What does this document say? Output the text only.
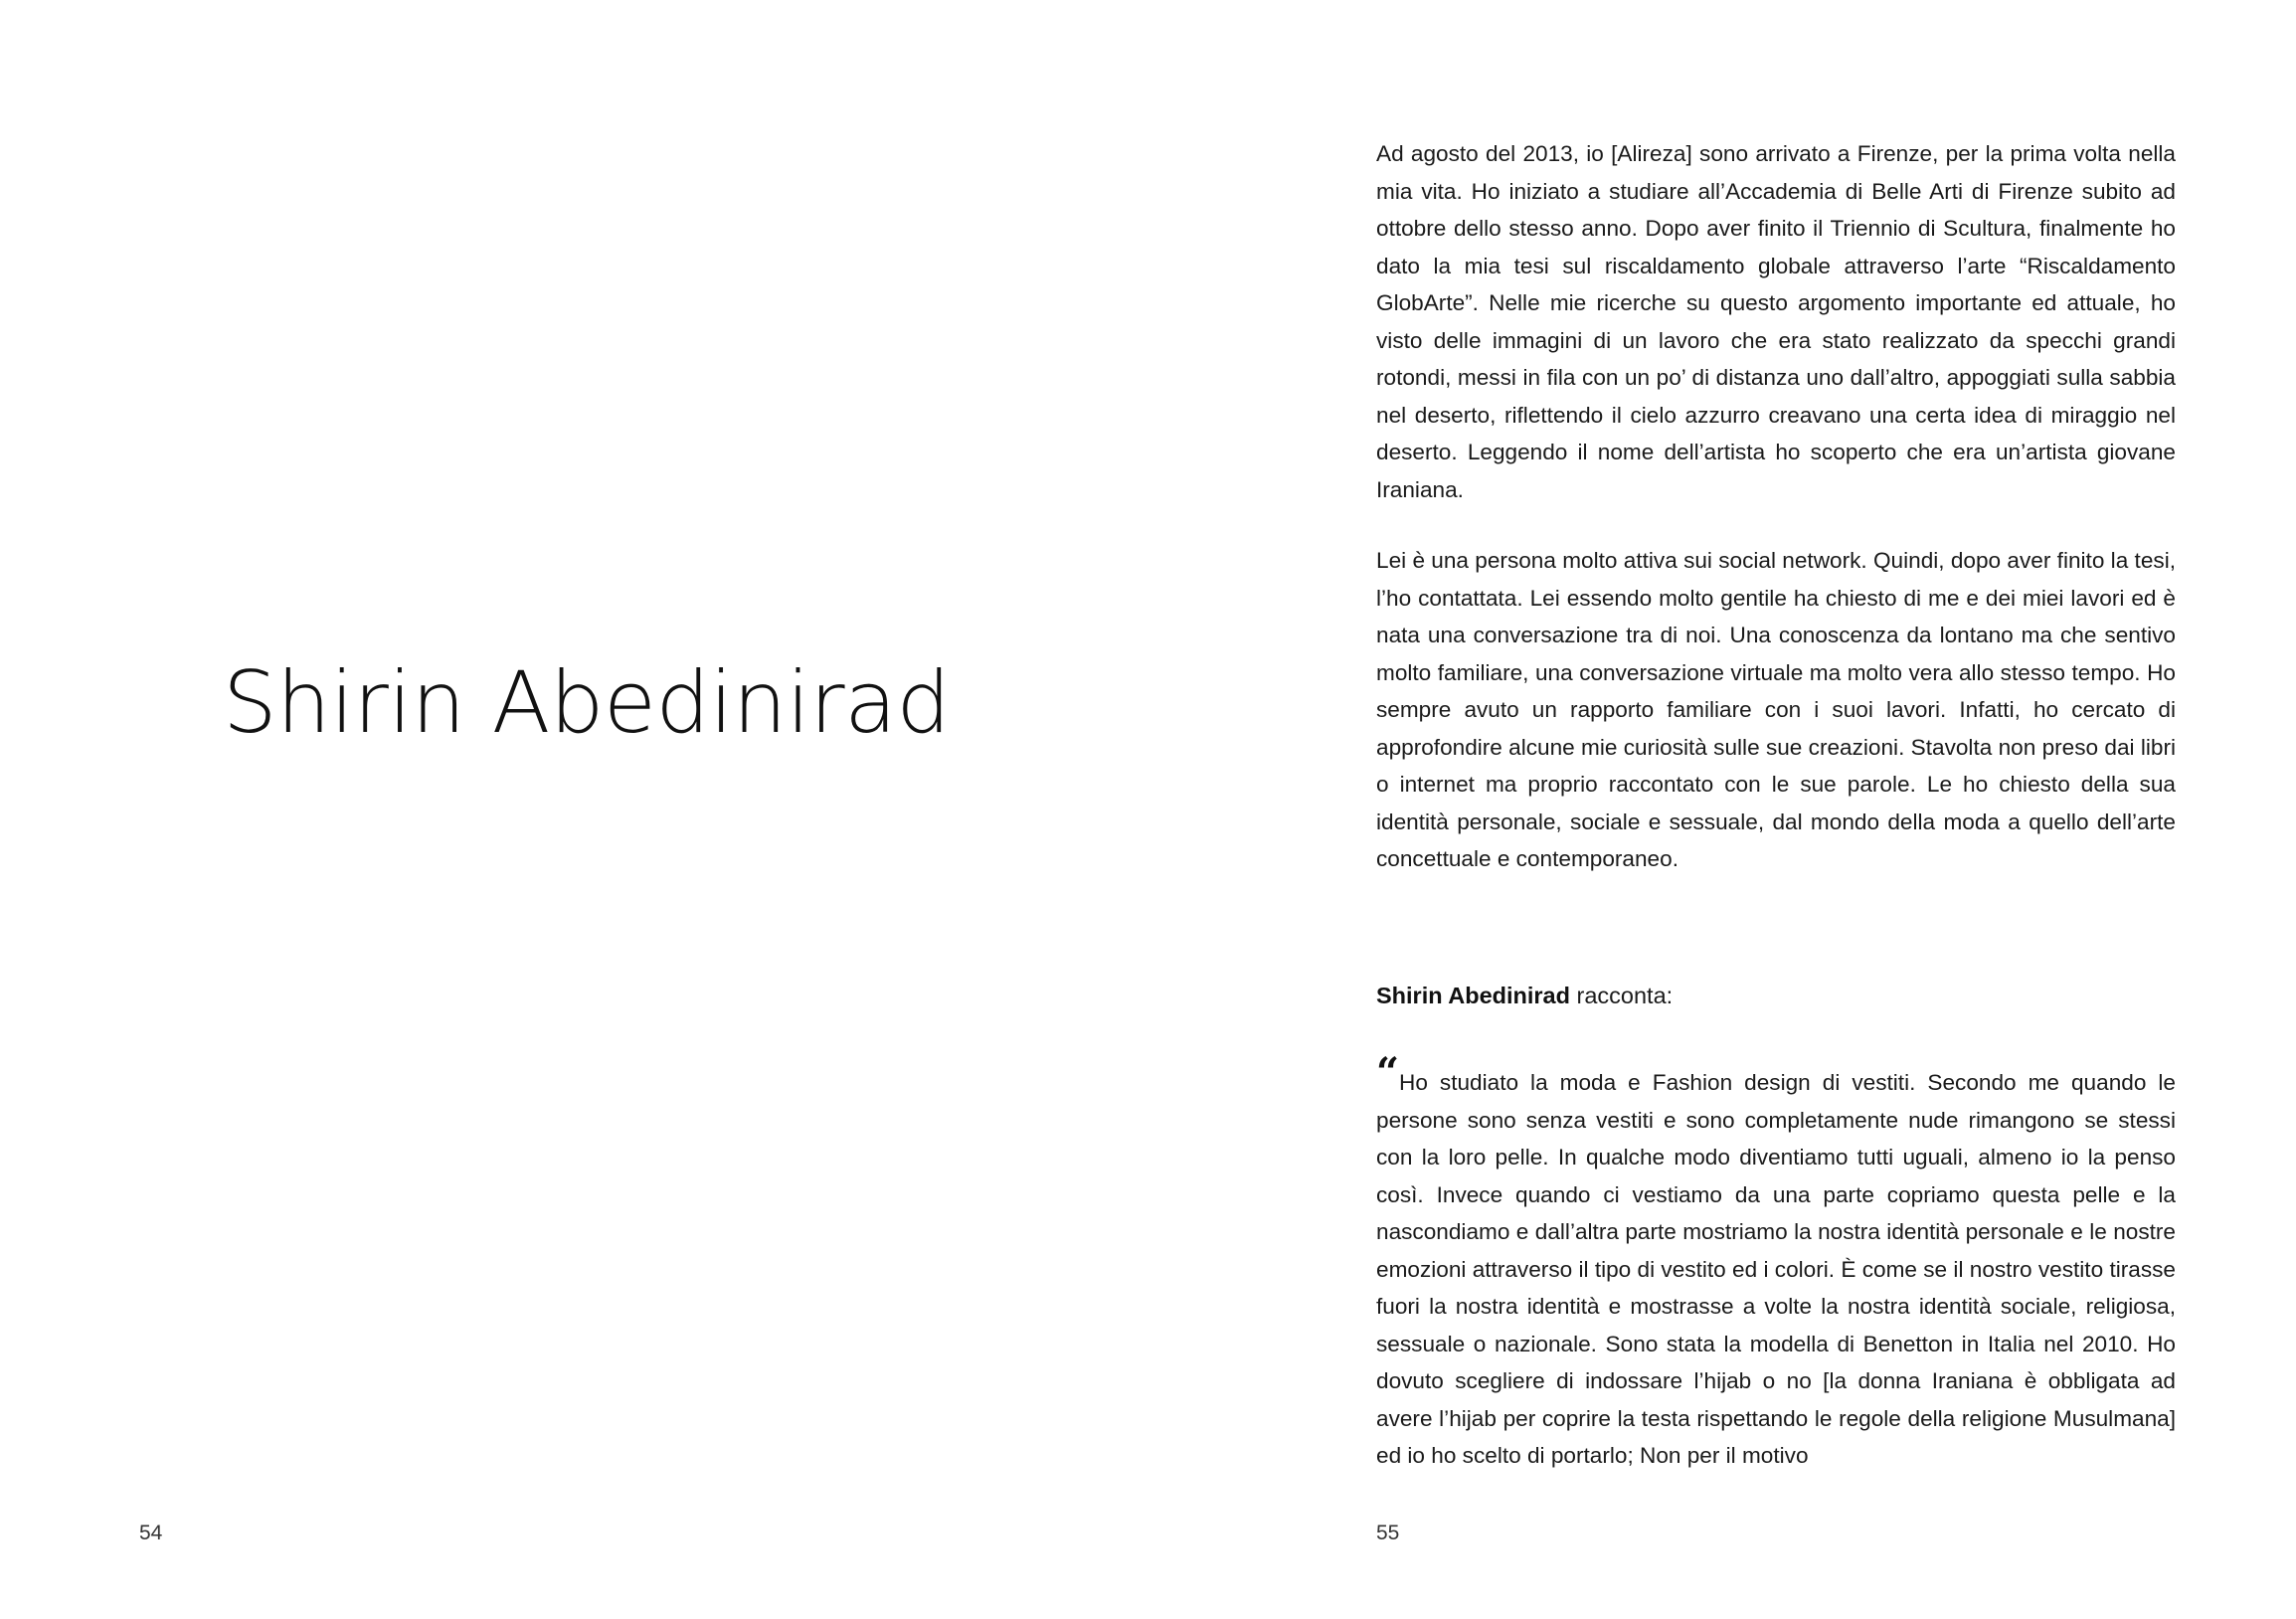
Shirin Abedinirad
54

Ad agosto del 2013, io [Alireza] sono arrivato a Firenze, per la prima volta nella mia vita. Ho iniziato a studiare all’Accademia di Belle Arti di Firenze subito ad ottobre dello stesso anno. Dopo aver finito il Triennio di Scultura, finalmente ho dato la mia tesi sul riscaldamento globale attraverso l’arte “Riscaldamento GlobArte”. Nelle mie ricerche su questo argomento importante ed attuale, ho visto delle immagini di un lavoro che era stato realizzato da specchi grandi rotondi, messi in fila con un po’ di distanza uno dall’altro, appoggiati sulla sabbia nel deserto, riflettendo il cielo azzurro creavano una certa idea di miraggio nel deserto. Leggendo il nome dell’artista ho scoperto che era un’artista giovane Iraniana.

Lei è una persona molto attiva sui social network. Quindi, dopo aver finito la tesi, l’ho contattata. Lei essendo molto gentile ha chiesto di me e dei miei lavori ed è nata una conversazione tra di noi. Una conoscenza da lontano ma che sentivo molto familiare, una conversazione virtuale ma molto vera allo stesso tempo. Ho sempre avuto un rapporto familiare con i suoi lavori. Infatti, ho cercato di approfondire alcune mie curiosità sulle sue creazioni. Stavolta non preso dai libri o internet ma proprio raccontato con le sue parole. Le ho chiesto della sua identità personale, sociale e sessuale, dal mondo della moda a quello dell’arte concettuale e contemporaneo.

Shirin Abedinirad racconta:

“Ho studiato la moda e Fashion design di vestiti. Secondo me quando le persone sono senza vestiti e sono completamente nude rimangono se stessi con la loro pelle. In qualche modo diventiamo tutti uguali, almeno io la penso così. Invece quando ci vestiamo da una parte copriamo questa pelle e la nascondiamo e dall’altra parte mostriamo la nostra identità personale e le nostre emozioni attraverso il tipo di vestito ed i colori. È come se il nostro vestito tirasse fuori la nostra identità e mostrasse a volte la nostra identità sociale, religiosa, sessuale o nazionale. Sono stata la modella di Benetton in Italia nel 2010. Ho dovuto scegliere di indossare l’hijab o no [la donna Iraniana è obbligata ad avere l’hijab per coprire la testa rispettando le regole della religione Musulmana] ed io ho scelto di portarlo; Non per il motivo

55
